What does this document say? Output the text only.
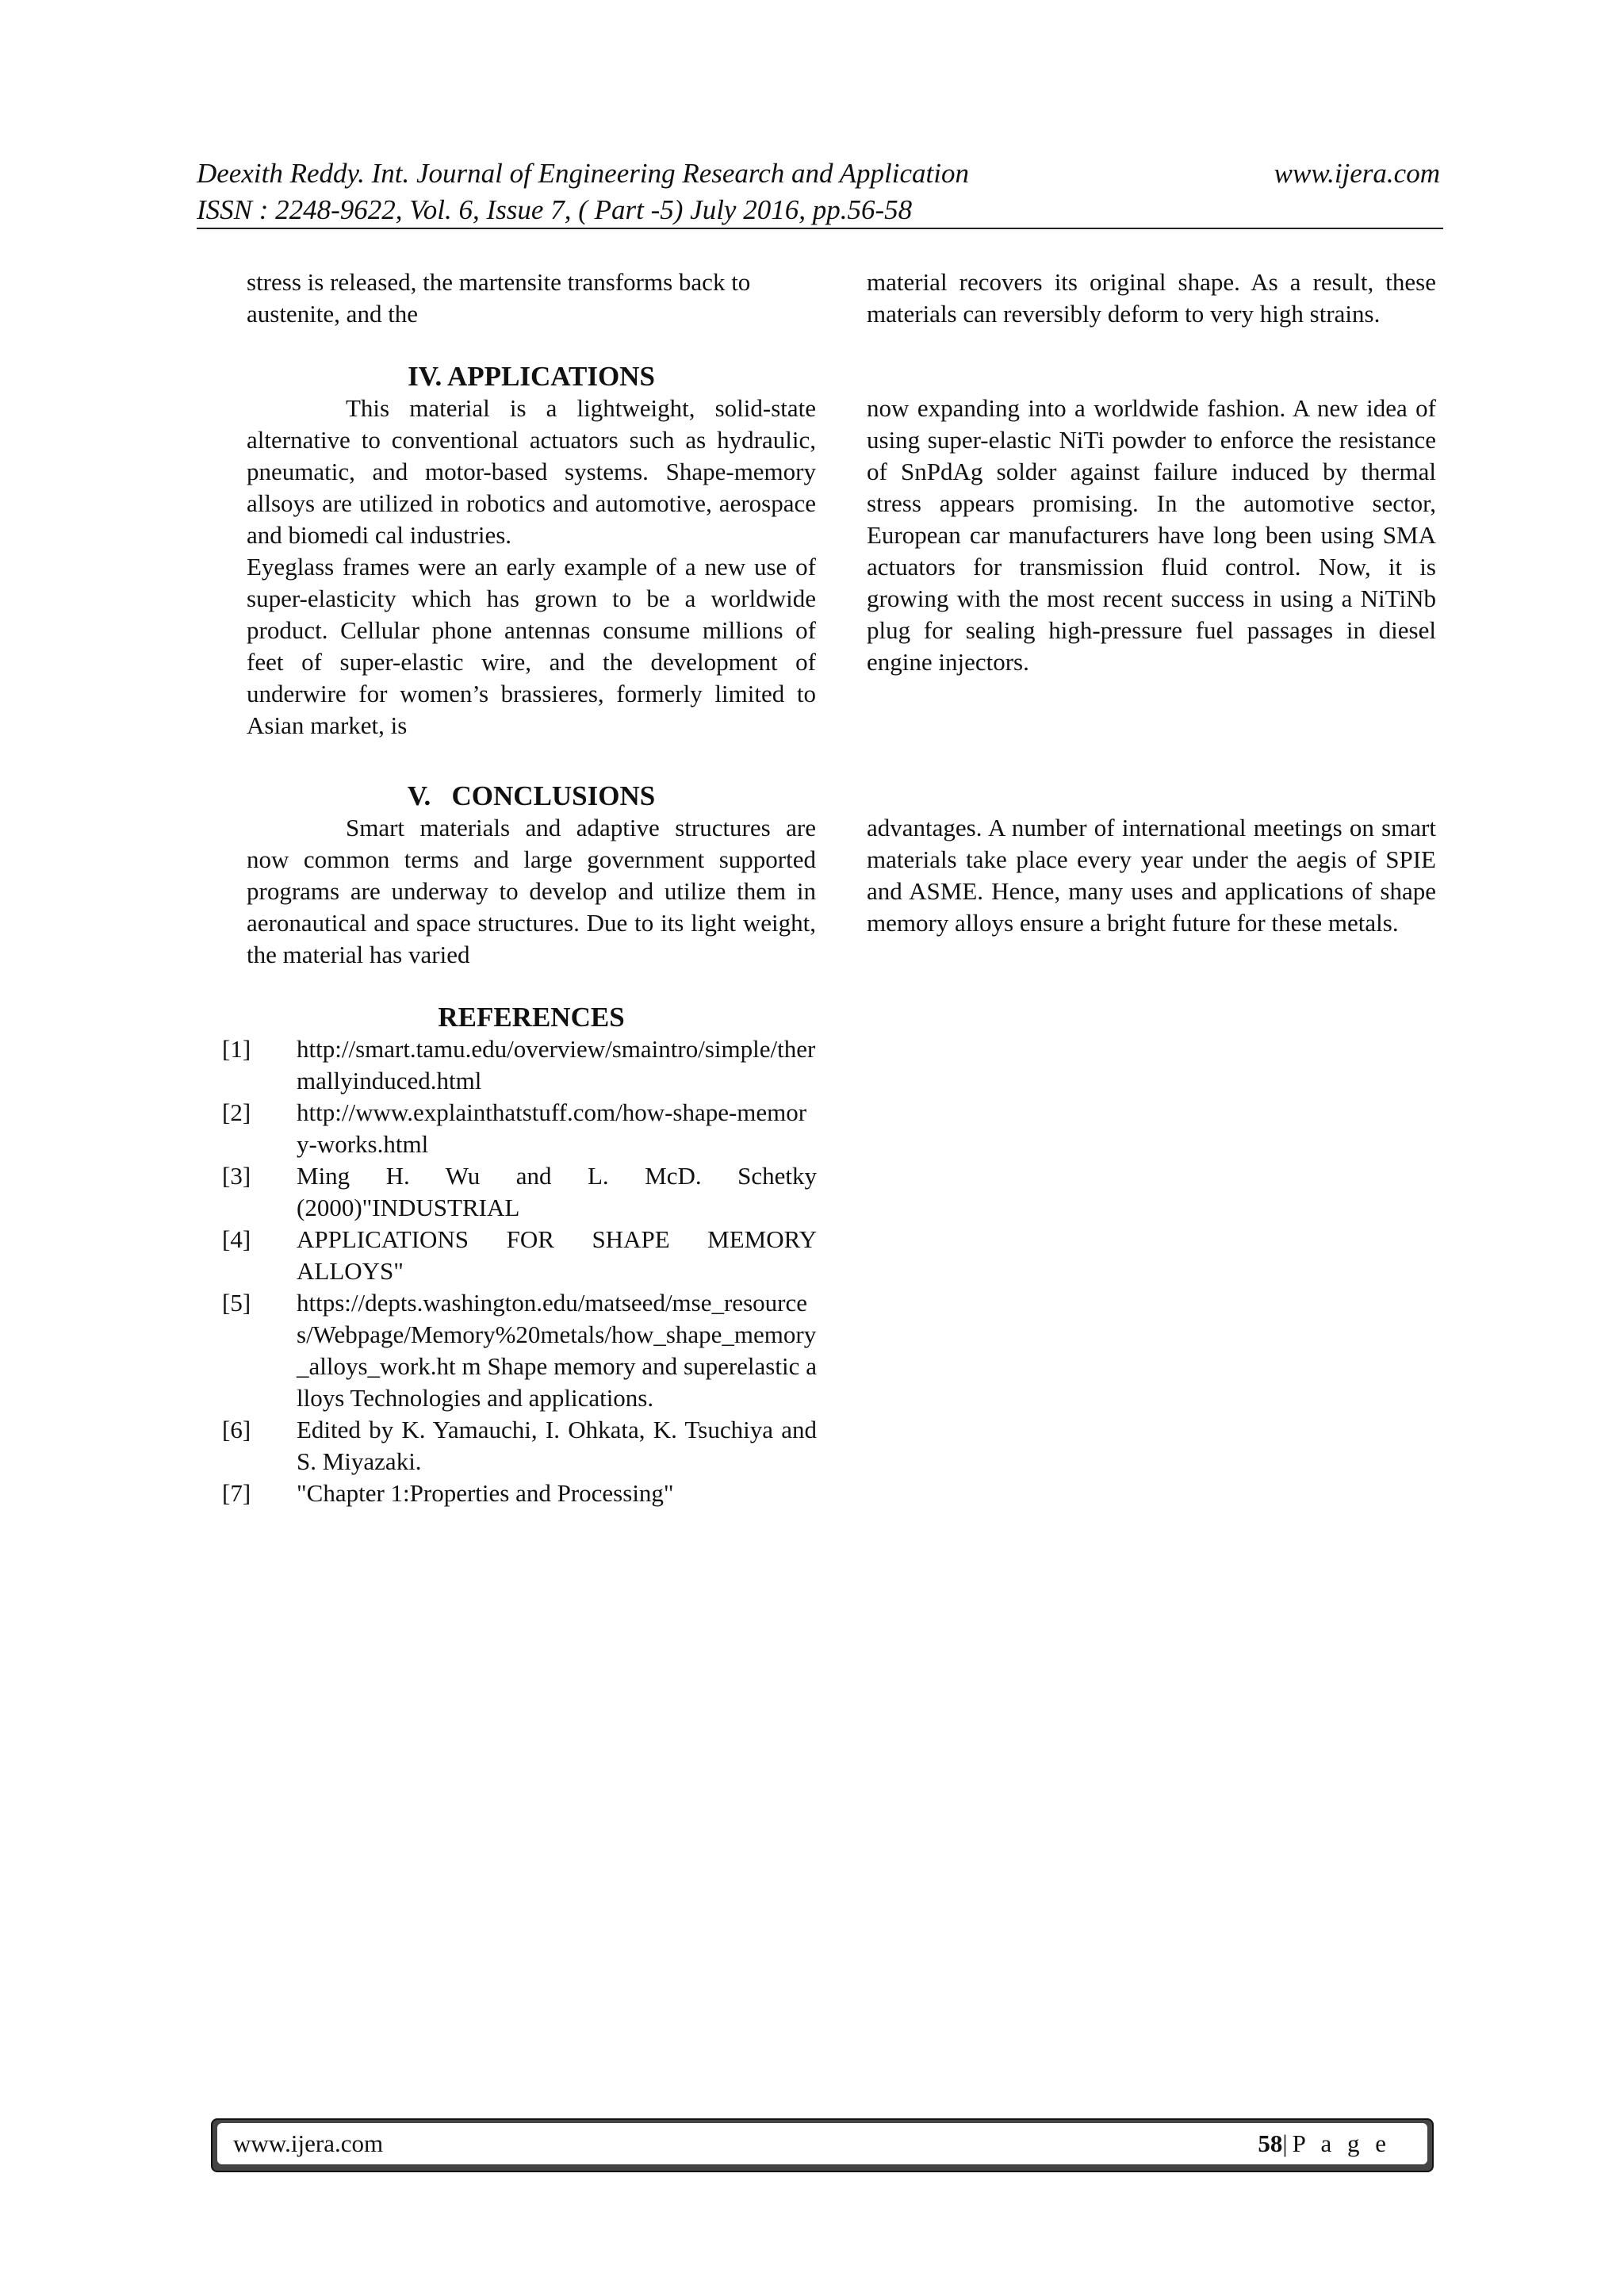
Deexith Reddy. Int. Journal of Engineering Research and Application	www.ijera.com
ISSN : 2248-9622, Vol. 6, Issue 7, ( Part -5) July 2016, pp.56-58

stress is released, the martensite transforms back to austenite, and the

IV. APPLICATIONS

This material is a lightweight, solid-state alternative to conventional actuators such as hydraulic, pneumatic, and motor-based systems. Shape-memory allsoys are utilized in robotics and automotive, aerospace and biomedi cal industries.

Eyeglass frames were an early example of a new use of super-elasticity which has grown to be a worldwide product. Cellular phone antennas consume millions of feet of super-elastic wire, and the development of underwire for women’s brassieres, formerly limited to Asian market, is

V.   CONCLUSIONS

Smart materials and adaptive structures are now common terms and large government supported programs are underway to develop and utilize them in aeronautical and space structures. Due to its light weight, the material has varied

material recovers its original shape. As a result, these materials can reversibly deform to very high strains.

now expanding into a worldwide fashion. A new idea of using super-elastic NiTi powder to enforce the resistance of SnPdAg solder against failure induced by thermal stress appears promising. In the automotive sector, European car manufacturers have long been using SMA actuators for transmission fluid control. Now, it is growing with the most recent success in using a NiTiNb plug for sealing high-pressure fuel passages in diesel engine injectors.

advantages. A number of international meetings on smart materials take place every year under the aegis of SPIE and ASME. Hence, many uses and applications of shape memory alloys ensure a bright future for these metals.

REFERENCES
[1]	http://smart.tamu.edu/overview/smaintro/simple/thermallyinduced.html
[2]	http://www.explainthatstuff.com/how-shape-memory-works.html
[3]	Ming H. Wu and L. McD. Schetky (2000)"INDUSTRIAL
[4]	APPLICATIONS FOR SHAPE MEMORY ALLOYS"
[5]	https://depts.washington.edu/matseed/mse_resources/Webpage/Memory%20metals/how_shape_memory_alloys_work.ht m Shape memory and superelastic alloys Technologies and applications.
[6]	Edited by K. Yamauchi, I. Ohkata, K. Tsuchiya and S. Miyazaki.
[7]	"Chapter 1:Properties and Processing"
www.ijera.com	58|P a g e
